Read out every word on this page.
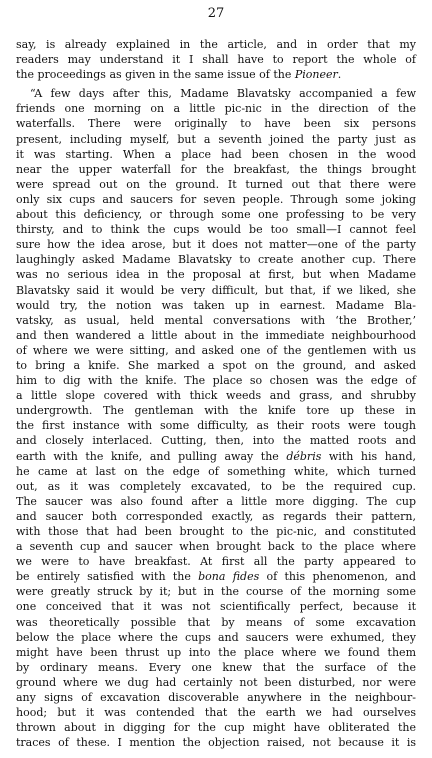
27
say, is already explained in the article, and in order that my
readers may understand it I shall have to report the whole of
the proceedings as given in the same issue of the Pioneer.
“A few days after this, Madame Blavatsky accompanied a few
friends one morning on a little pic-nic in the direction of the
waterfalls. There were originally to have been six persons
present, including myself, but a seventh joined the party just as
it was starting. When a place had been chosen in the wood
near the upper waterfall for the breakfast, the things brought
were spread out on the ground. It turned out that there were
only six cups and saucers for seven people. Through some joking
about this deficiency, or through some one professing to be very
thirsty, and to think the cups would be too small—I cannot feel
sure how the idea arose, but it does not matter—one of the party
laughingly asked Madame Blavatsky to create another cup. There
was no serious idea in the proposal at first, but when Madame
Blavatsky said it would be very difficult, but that, if we liked, she
would try, the notion was taken up in earnest. Madame Bla-
vatsky, as usual, held mental conversations with ‘the Brother,’
and then wandered a little about in the immediate neighbourhood
of where we were sitting, and asked one of the gentlemen with us
to bring a knife. She marked a spot on the ground, and asked
him to dig with the knife. The place so chosen was the edge of
a little slope covered with thick weeds and grass, and shrubby
undergrowth. The gentleman with the knife tore up these in
the first instance with some difficulty, as their roots were tough
and closely interlaced. Cutting, then, into the matted roots and
earth with the knife, and pulling away the débris with his hand,
he came at last on the edge of something white, which turned
out, as it was completely excavated, to be the required cup.
The saucer was also found after a little more digging. The cup
and saucer both corresponded exactly, as regards their pattern,
with those that had been brought to the pic-nic, and constituted
a seventh cup and saucer when brought back to the place where
we were to have breakfast. At first all the party appeared to
be entirely satisfied with the bona fides of this phenomenon, and
were greatly struck by it; but in the course of the morning some
one conceived that it was not scientifically perfect, because it
was theoretically possible that by means of some excavation
below the place where the cups and saucers were exhumed, they
might have been thrust up into the place where we found them
by ordinary means. Every one knew that the surface of the
ground where we dug had certainly not been disturbed, nor were
any signs of excavation discoverable anywhere in the neighbour-
hood; but it was contended that the earth we had ourselves
thrown about in digging for the cup might have obliterated the
traces of these. I mention the objection raised, not because it is
